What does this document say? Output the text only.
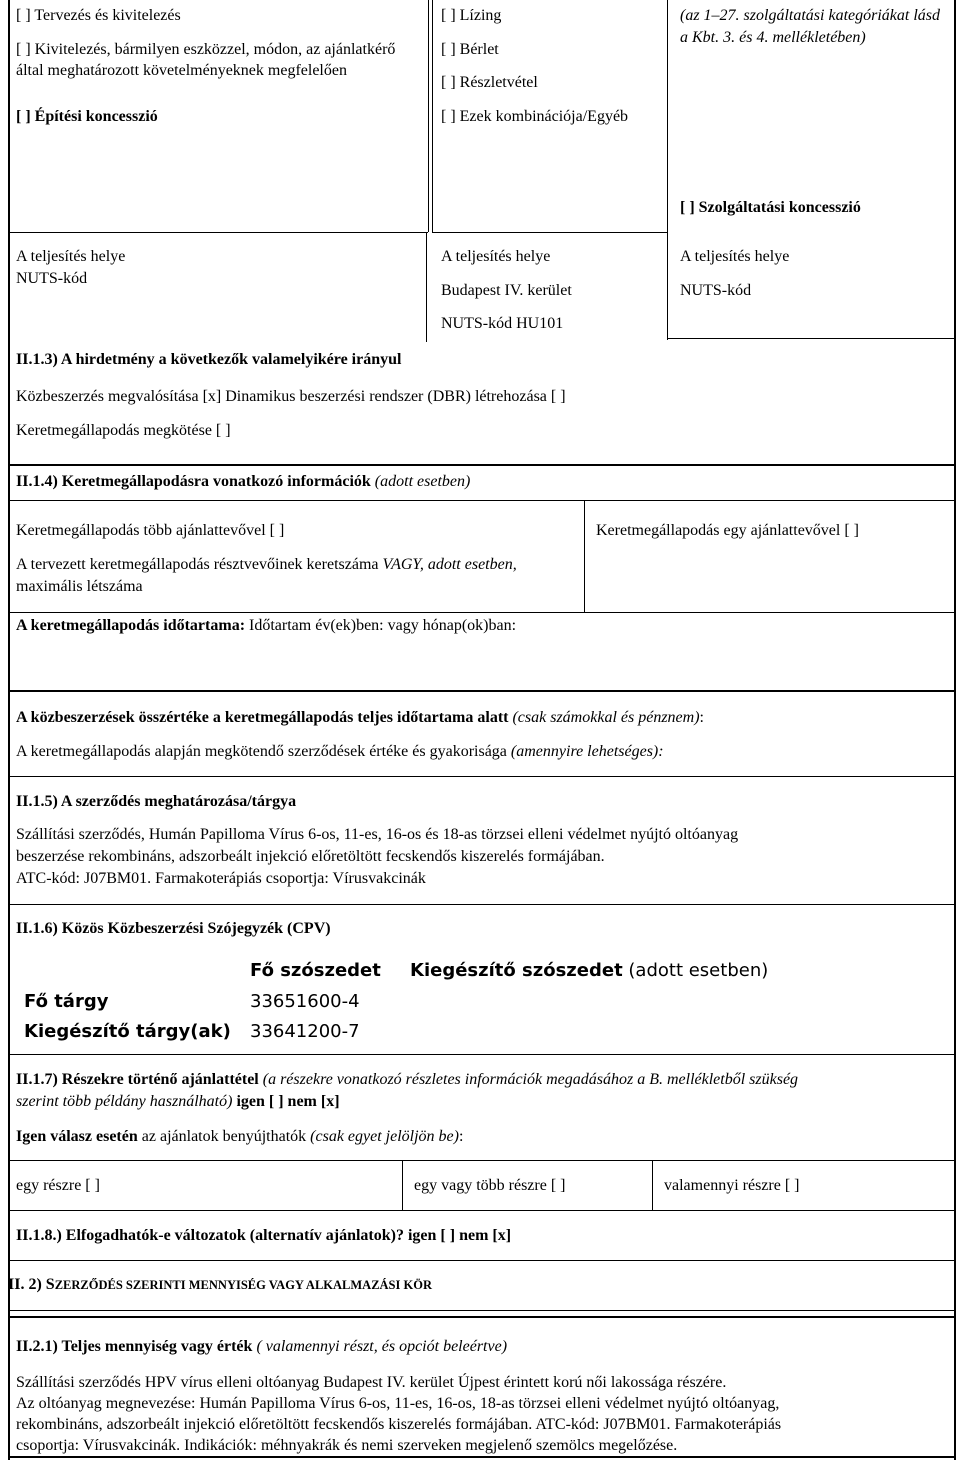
[ ] Tervezés és kivitelezés
[ ] Kivitelezés, bármilyen eszközzel, módon, az ajánlatkérő által meghatározott követelményeknek megfelelően
[ ] Építési koncesszió
[ ] Lízing
[ ] Bérlet
[ ] Részletvétel
[ ] Ezek kombinációja/Egyéb
(az 1–27. szolgáltatási kategóriákat lásd a Kbt. 3. és 4. mellékletében)
[ ] Szolgáltatási koncesszió
A teljesítés helye
NUTS-kód
A teljesítés helye
Budapest IV. kerület
NUTS-kód HU101
A teljesítés helye
NUTS-kód
II.1.3) A hirdetmény a következők valamelyikére irányul
Közbeszerzés megvalósítása [x] Dinamikus beszerzési rendszer (DBR) létrehozása [ ]
Keretmegállapodás megkötése [ ]
II.1.4) Keretmegállapodásra vonatkozó információk (adott esetben)
Keretmegállapodás több ajánlattevővel [ ]	Keretmegállapodás egy ajánlattevővel [ ]
A tervezett keretmegállapodás résztvevőinek keretszáma VAGY, adott esetben, maximális létszáma
A keretmegállapodás időtartama: Időtartam év(ek)ben: vagy hónap(ok)ban:
A közbeszerzések összértéke a keretmegállapodás teljes időtartama alatt (csak számokkal és pénznem):
A keretmegállapodás alapján megkötendő szerződések értéke és gyakorisága (amennyire lehetséges):
II.1.5) A szerződés meghatározása/tárgya
Szállítási szerződés, Humán Papilloma Vírus 6-os, 11-es, 16-os és 18-as törzsei elleni védelmet nyújtó oltóanyag
beszerzése rekombináns, adszorbeált injekció előretöltött fecskendős kiszerelés formájában.
ATC-kód: J07BM01. Farmakoterápiás csoportja: Vírusvakcinák
II.1.6) Közös Közbeszerzési Szójegyzék (CPV)
Fő szószedet Kiegészítő szószedet (adott esetben)
Fő tárgy	33651600-4
Kiegészítő tárgy(ak) 33641200-7
II.1.7) Részekre történő ajánlattétel (a részekre vonatkozó részletes információk megadásához a B. mellékletből szükség
szerint több példány használható) igen [ ] nem [x]
Igen válasz esetén az ajánlatok benyújthatók (csak egyet jelöljön be):
egy részre [ ]	egy vagy több részre [ ]	valamennyi részre [ ]
II.1.8.) Elfogadhatók-e változatok (alternatív ajánlatok)? igen [ ] nem [x]
II. 2) SZERZŐDÉS SZERINTI MENNYISÉG VAGY ALKALMAZÁSI KÖR
II.2.1) Teljes mennyiség vagy érték ( valamennyi részt, és opciót beleértve)
Szállítási szerződés HPV vírus elleni oltóanyag Budapest IV. kerület Újpest érintett korú női lakossága részére.
Az oltóanyag megnevezése: Humán Papilloma Vírus 6-os, 11-es, 16-os, 18-as törzsei elleni védelmet nyújtó oltóanyag,
rekombináns, adszorbeált injekció előretöltött fecskendős kiszerelés formájában. ATC-kód: J07BM01. Farmakoterápiás
csoportja: Vírusvakcinák. Indikációk: méhnyakrák és nemi szerveken megjelenő szemölcs megelőzése.
